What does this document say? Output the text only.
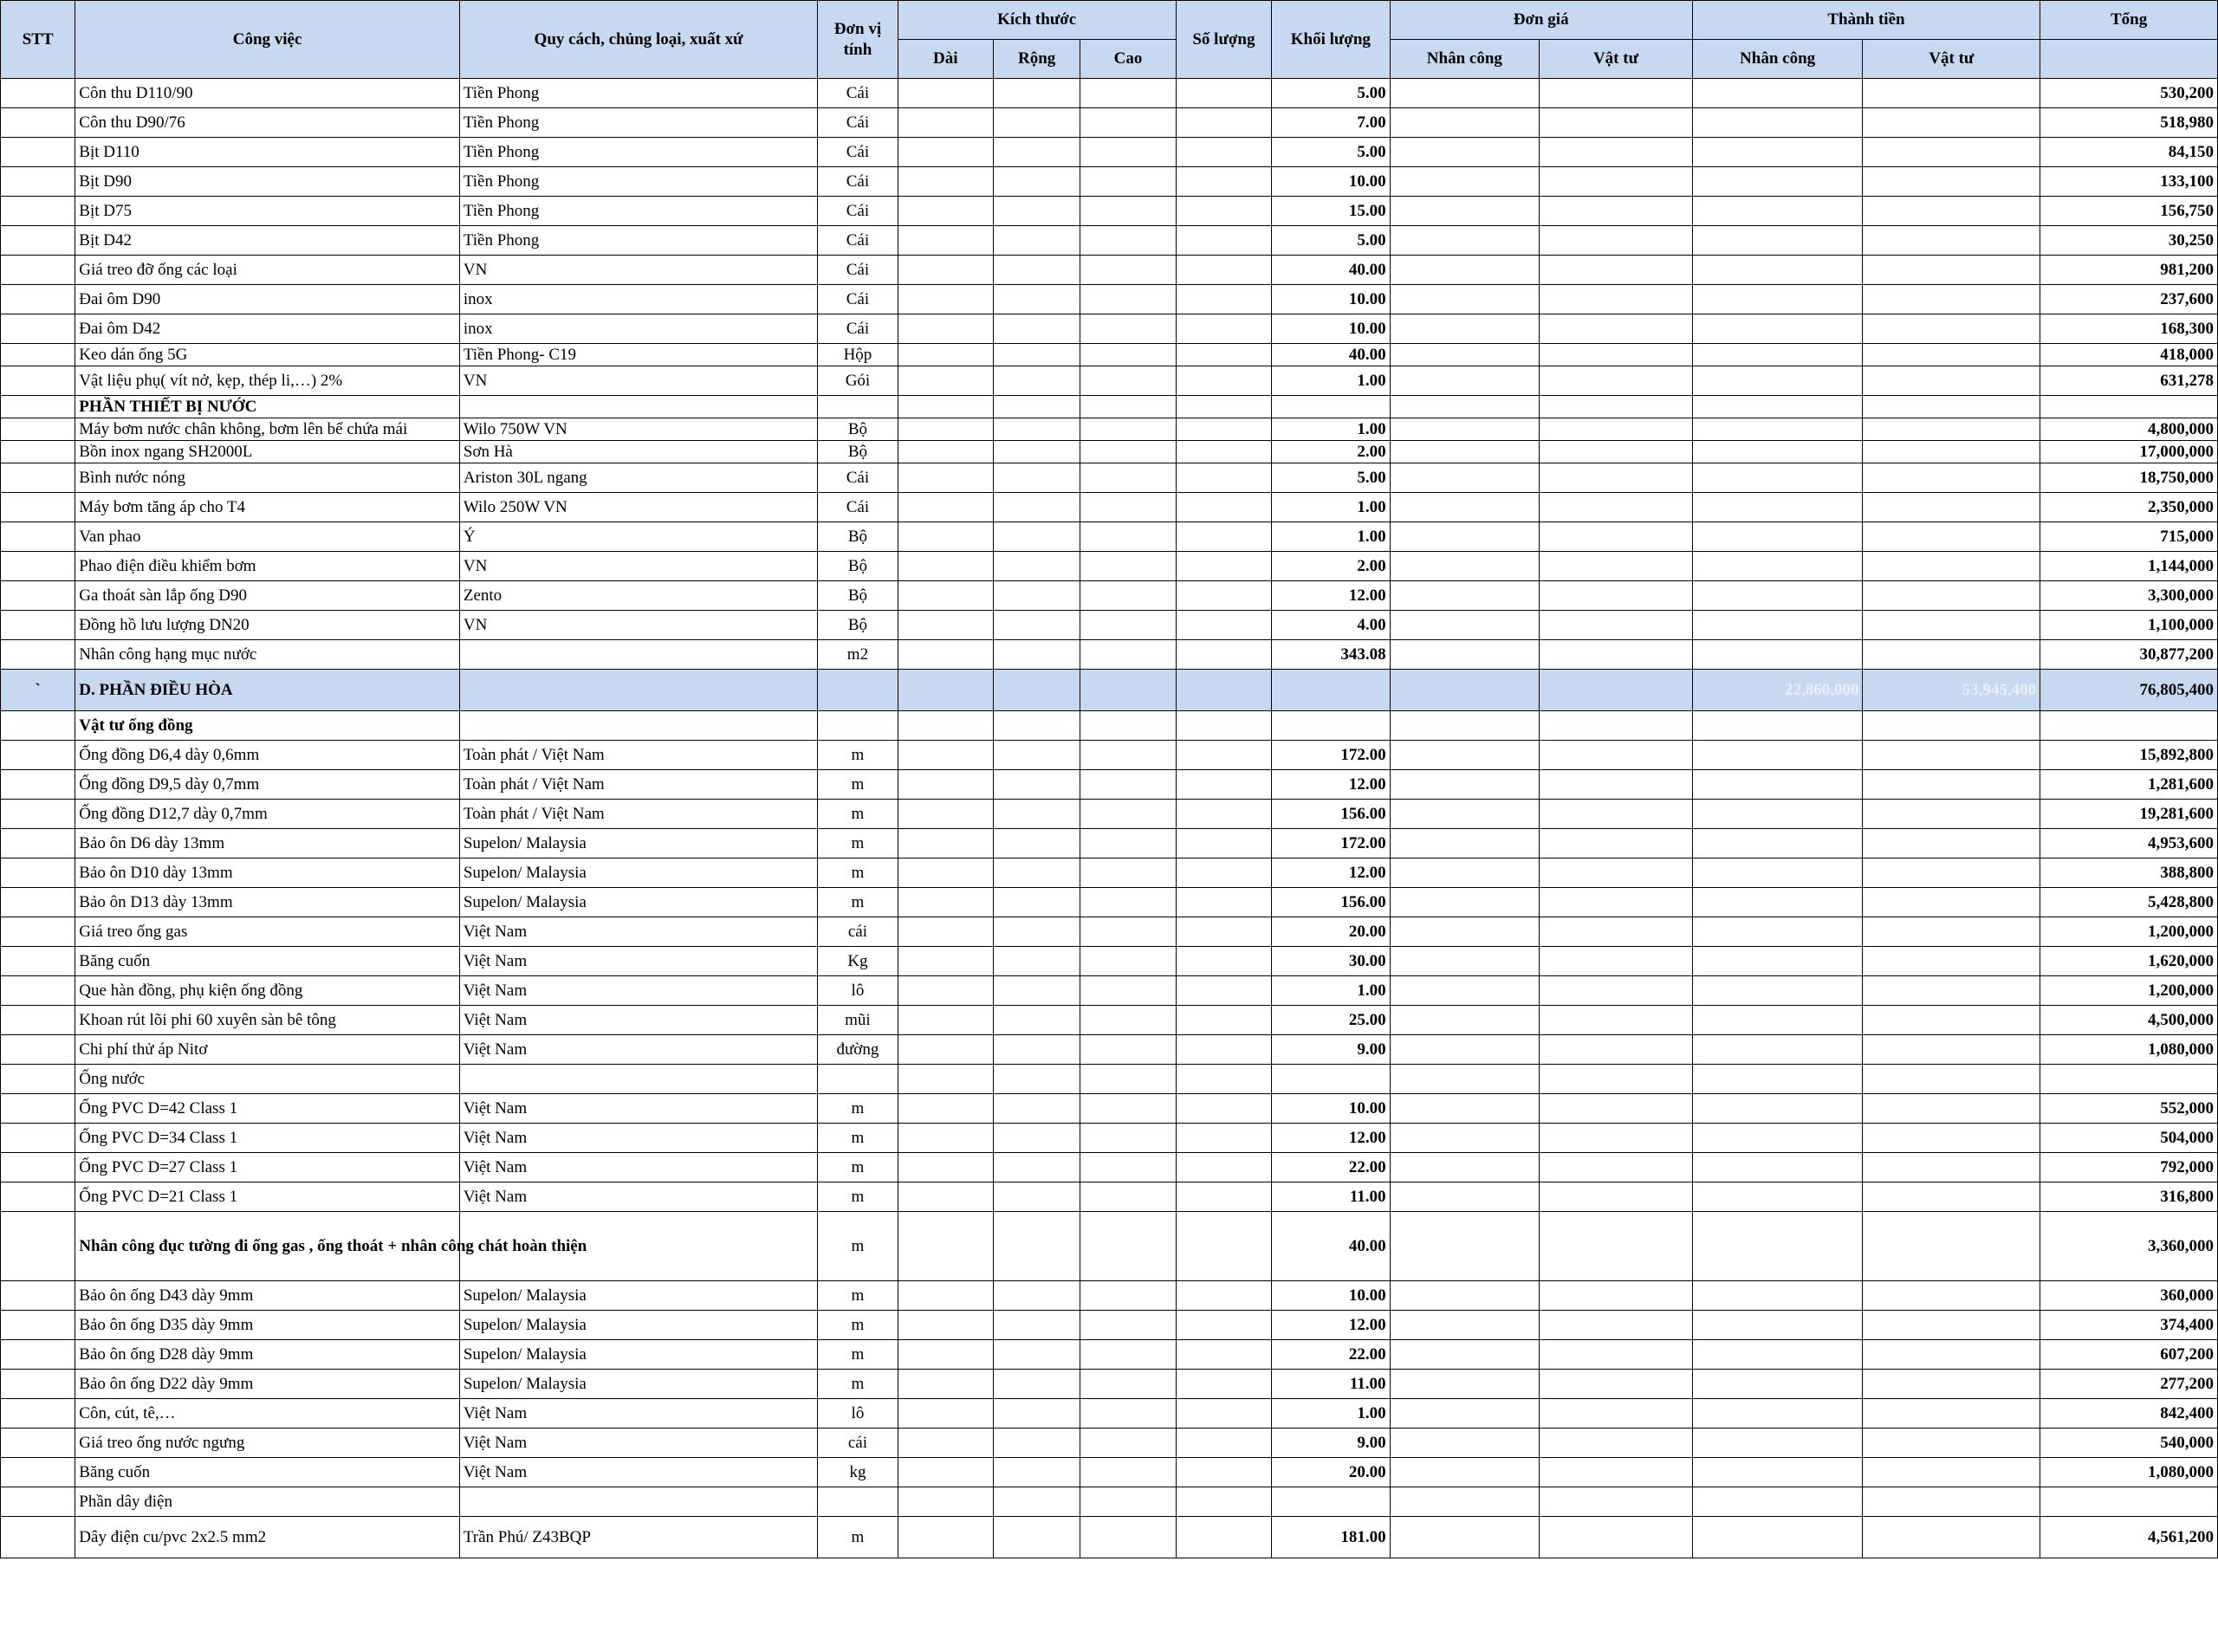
STT	Công việc	Quy cách, chủng loại, xuất xứ	Đơn vị tính	Kích thước			Số lượng	Khối lượng	Đơn giá		Thành tiền		Tổng
				Dài	Rộng	Cao			Nhân công	Vật tư	Nhân công	Vật tư	
	Côn thu D110/90	Tiền Phong	Cái					5.00					530,200
	Côn thu D90/76	Tiền Phong	Cái					7.00					518,980
	Bịt D110	Tiền Phong	Cái					5.00					84,150
	Bịt D90	Tiền Phong	Cái					10.00					133,100
	Bịt D75	Tiền Phong	Cái					15.00					156,750
	Bịt D42	Tiền Phong	Cái					5.00					30,250
	Giá treo đỡ ống các loại	VN	Cái					40.00					981,200
	Đai ôm D90	inox	Cái					10.00					237,600
	Đai ôm D42	inox	Cái					10.00					168,300
	Keo dán ống 5G	Tiền Phong- C19	Hộp					40.00					418,000
	Vật liệu phụ( vít nở, kẹp, thép li,…) 2%	VN	Gói					1.00					631,278
	PHẦN THIẾT BỊ NƯỚC												
	Máy bơm nước chân không, bơm lên bể chứa mái	Wilo 750W VN	Bộ					1.00					4,800,000
	Bồn inox ngang SH2000L	Sơn Hà	Bộ					2.00					17,000,000
	Bình nước nóng	Ariston 30L ngang	Cái					5.00					18,750,000
	Máy bơm tăng áp cho T4	Wilo 250W VN	Cái					1.00					2,350,000
	Van phao	Ý	Bộ					1.00					715,000
	Phao điện điều khiểm bơm	VN	Bộ					2.00					1,144,000
	Ga thoát sàn lắp ống D90	Zento	Bộ					12.00					3,300,000
	Đồng hồ lưu lượng DN20	VN	Bộ					4.00					1,100,000
	Nhân công hạng mục nước		m2					343.08					30,877,200
`	D. PHẦN ĐIỀU HÒA										22,860,000	53,945,400	76,805,400
	Vật tư ống đồng												
	Ống đồng D6,4 dày 0,6mm	Toàn phát / Việt Nam	m					172.00					15,892,800
	Ống đồng D9,5 dày 0,7mm	Toàn phát / Việt Nam	m					12.00					1,281,600
	Ống đồng D12,7 dày 0,7mm	Toàn phát / Việt Nam	m					156.00					19,281,600
	Bảo ôn D6 dày 13mm	Supelon/ Malaysia	m					172.00					4,953,600
	Bảo ôn D10 dày 13mm	Supelon/ Malaysia	m					12.00					388,800
	Bảo ôn D13 dày 13mm	Supelon/ Malaysia	m					156.00					5,428,800
	Giá treo ống gas	Việt Nam	cái					20.00					1,200,000
	Băng cuốn	Việt Nam	Kg					30.00					1,620,000
	Que hàn đồng, phụ kiện ống đồng	Việt Nam	lô					1.00					1,200,000
	Khoan rút lõi phi 60 xuyên sàn bê tông	Việt Nam	mũi					25.00					4,500,000
	Chi phí thử áp Nitơ	Việt Nam	đường					9.00					1,080,000
	Ống nước												
	Ống PVC D=42 Class 1	Việt Nam	m					10.00					552,000
	Ống PVC D=34 Class 1	Việt Nam	m					12.00					504,000
	Ống PVC D=27 Class 1	Việt Nam	m					22.00					792,000
	Ống PVC D=21 Class 1	Việt Nam	m					11.00					316,800
	Nhân công đục tường đi ống gas , ống thoát + nhân công chát hoàn thiện		m					40.00					3,360,000
	Bảo ôn ống D43 dày 9mm	Supelon/ Malaysia	m					10.00					360,000
	Bảo ôn ống D35 dày 9mm	Supelon/ Malaysia	m					12.00					374,400
	Bảo ôn ống D28 dày 9mm	Supelon/ Malaysia	m					22.00					607,200
	Bảo ôn ống D22 dày 9mm	Supelon/ Malaysia	m					11.00					277,200
	Côn, cút, tê,…	Việt Nam	lô					1.00					842,400
	Giá treo ống nước ngưng	Việt Nam	cái					9.00					540,000
	Băng cuốn	Việt Nam	kg					20.00					1,080,000
	Phần dây điện												
	Dây điện cu/pvc 2x2.5 mm2	Trần Phú/ Z43BQP	m					181.00					4,561,200
